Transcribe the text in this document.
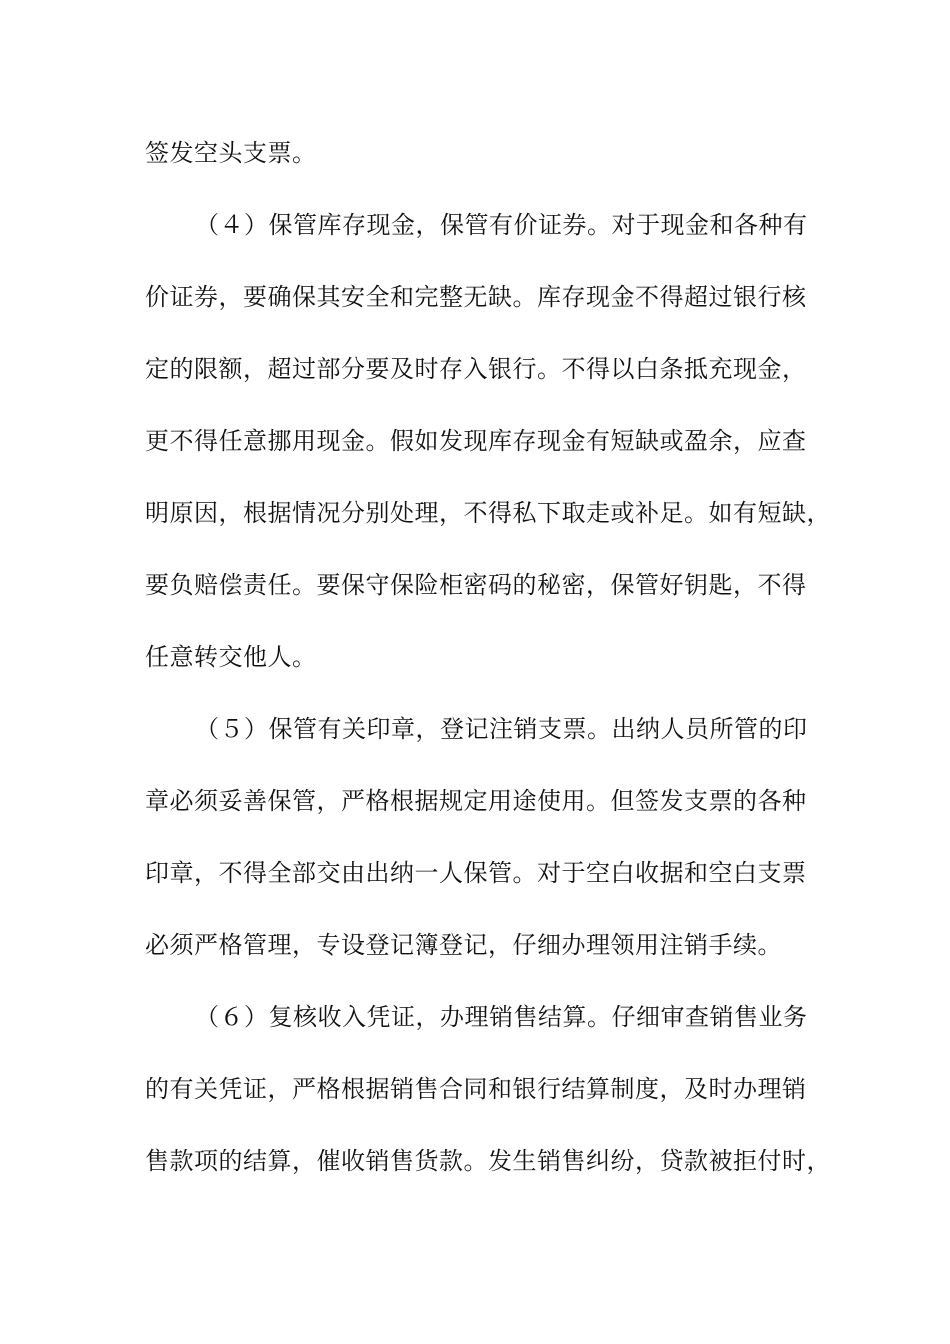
签发空头支票。
（４）保管库存现金，保管有价证券。对于现金和各种有
价证券，要确保其安全和完整无缺。库存现金不得超过银行核
定的限额，超过部分要及时存入银行。不得以白条抵充现金，
更不得任意挪用现金。假如发现库存现金有短缺或盈余，应查
明原因，根据情况分别处理，不得私下取走或补足。如有短缺，
要负赔偿责任。要保守保险柜密码的秘密，保管好钥匙，不得
任意转交他人。
（５）保管有关印章，登记注销支票。出纳人员所管的印
章必须妥善保管，严格根据规定用途使用。但签发支票的各种
印章，不得全部交由出纳一人保管。对于空白收据和空白支票
必须严格管理，专设登记簿登记，仔细办理领用注销手续。
（６）复核收入凭证，办理销售结算。仔细审查销售业务
的有关凭证，严格根据销售合同和银行结算制度，及时办理销
售款项的结算，催收销售货款。发生销售纠纷，贷款被拒付时，
